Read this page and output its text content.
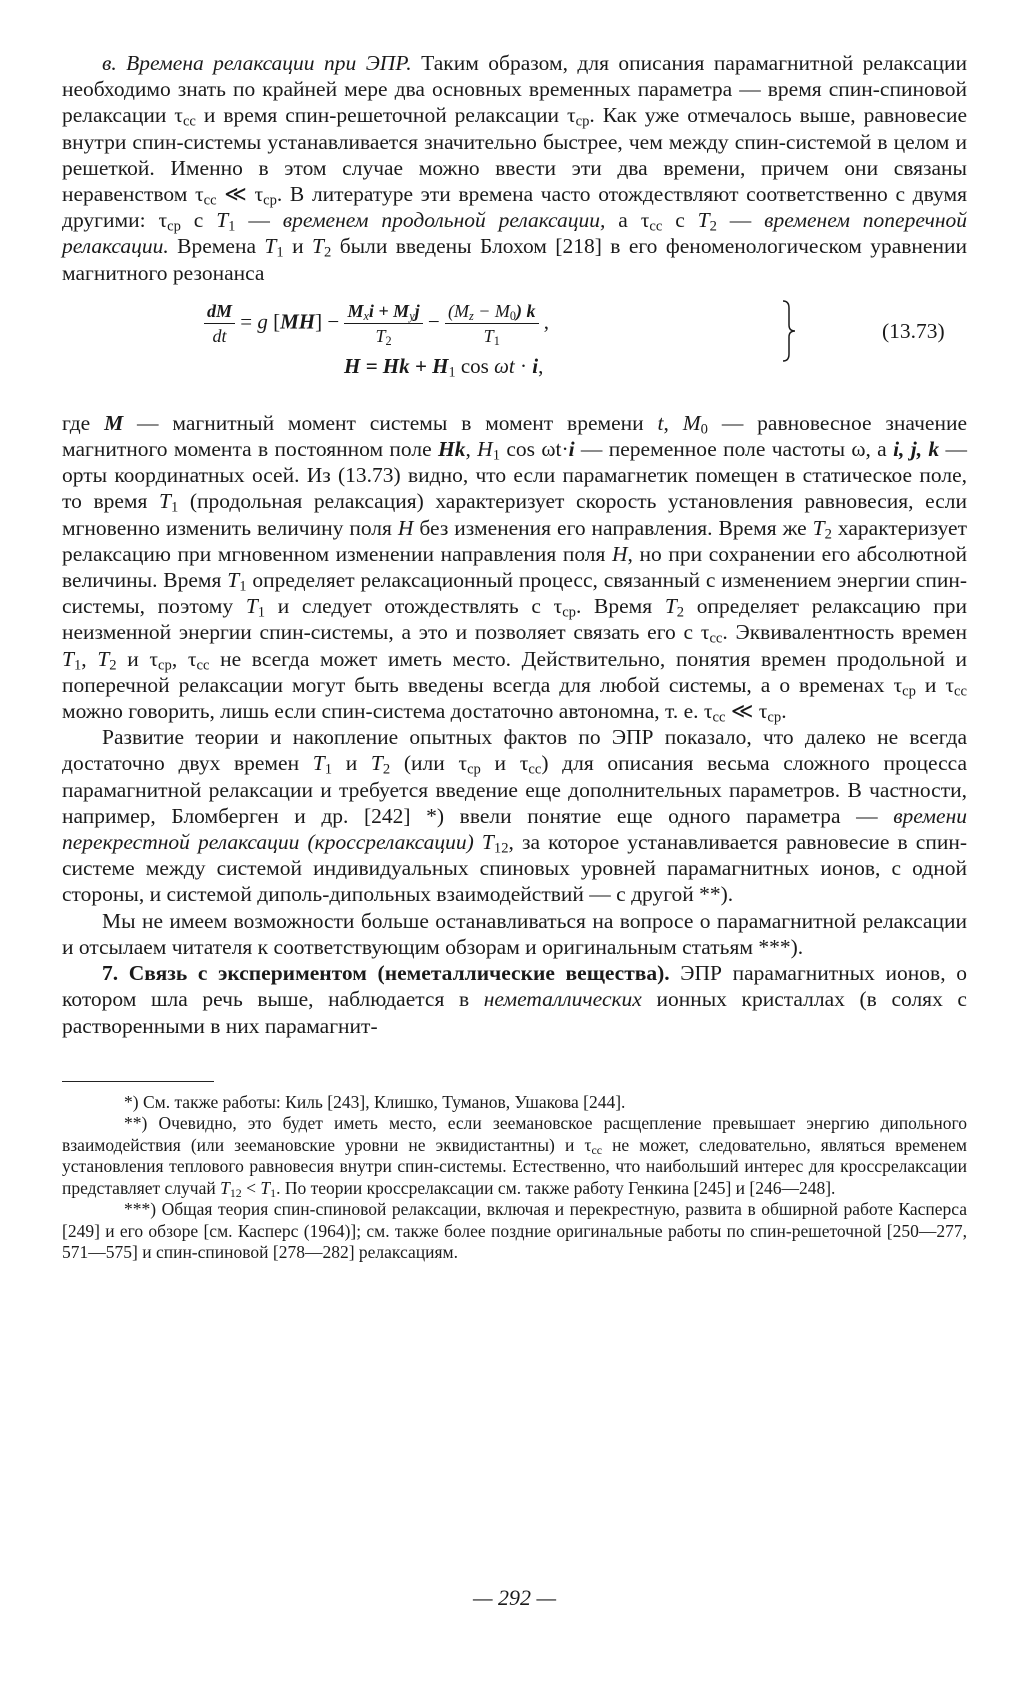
в. Времена релаксации при ЭПР. Таким образом, для описания парамагнитной релаксации необходимо знать по крайней мере два основных временных параметра — время спин-спиновой релаксации $\tau_{сс}$ и время спин-решеточной релаксации $\tau_{ср}$. Как уже отмечалось выше, равновесие внутри спин-системы устанавливается значительно быстрее, чем между спин-системой в целом и решеткой. Именно в этом случае можно ввести эти два времени, причем они связаны неравенством $\tau_{сс}$ ≪ $\tau_{ср}$. В литературе эти времена часто отождествляют соответственно с двумя другими: $\tau_{ср}$ с $T_1$ — временем продольной релаксации, а $\tau_{сс}$ с $T_2$ — временем поперечной релаксации. Времена $T_1$ и $T_2$ были введены Блохом [218] в его феноменологическом уравнении магнитного резонанса

$\frac{dM}{dt} = g$ $[MH] - \frac{\text{Mxi + Myj}}{T_2} - \frac{(Mz - M_0) k}{T_1}$ ,
$H = Hk + H_1$ cos ωt · i,
(13.73)

где M — магнитный момент системы в момент времени t, $M_0$ — равновесное значение магнитного момента в постоянном поле Hk, $H_1$ cos ωt·i — переменное поле частоты ω, а i, j, k — орты координатных осей. Из (13.73) видно, что если парамагнетик помещен в статическое поле, то время $T_1$ (продольная релаксация) характеризует скорость установления равновесия, если мгновенно изменить величину поля H без изменения его направления. Время же $T_2$ характеризует релаксацию при мгновенном изменении направления поля H, но при сохранении его абсолютной величины. Время $T_1$ определяет релаксационный процесс, связанный с изменением энергии спин-системы, поэтому $T_1$ и следует отождествлять с $\tau_{ср}$. Время $T_2$ определяет релаксацию при неизменной энергии спин-системы, а это и позволяет связать его с $\tau_{сс}$. Эквивалентность времен $T_1$, $T_2$ и $\tau_{ср}$, $\tau_{сс}$ не всегда может иметь место. Действительно, понятия времен продольной и поперечной релаксации могут быть введены всегда для любой системы, а о временах $\tau_{ср}$ и $\tau_{сс}$ можно говорить, лишь если спин-система достаточно автономна, т. е. $\tau_{сс}$ ≪ $\tau_{ср}$.

Развитие теории и накопление опытных фактов по ЭПР показало, что далеко не всегда достаточно двух времен $T_1$ и $T_2$ (или $\tau_{ср}$ и $\tau_{сс}$) для описания весьма сложного процесса парамагнитной релаксации и требуется введение еще дополнительных параметров. В частности, например, Бломберген и др. [242] *) ввели понятие еще одного параметра — времени перекрестной релаксации (кроссрелаксации) $T_{12}$, за которое устанавливается равновесие в спин-системе между системой индивидуальных спиновых уровней парамагнитных ионов, с одной стороны, и системой диполь-дипольных взаимодействий — с другой **).

Мы не имеем возможности больше останавливаться на вопросе о парамагнитной релаксации и отсылаем читателя к соответствующим обзорам и оригинальным статьям ***).

7. Связь с экспериментом (неметаллические вещества). ЭПР парамагнитных ионов, о котором шла речь выше, наблюдается в неметаллических ионных кристаллах (в солях с растворенными в них парамагнит-

*) См. также работы: Киль [243], Клишко, Туманов, Ушакова [244].

**) Очевидно, это будет иметь место, если зеемановское расщепление превышает энергию дипольного взаимодействия (или зеемановские уровни не эквидистантны) и $\tau_{сс}$ не может, следовательно, являться временем установления теплового равновесия внутри спин-системы. Естественно, что наибольший интерес для кроссрелаксации представляет случай $T_{12} < T_1$. По теории кроссрелаксации см. также работу Генкина [245] и [246—248].

***) Общая теория спин-спиновой релаксации, включая и перекрестную, развита в обширной работе Касперса [249] и его обзоре [см. Касперс (1964)]; см. также более поздние оригинальные работы по спин-решеточной [250—277, 571—575] и спин-спиновой [278—282] релаксациям.

— 292 —
